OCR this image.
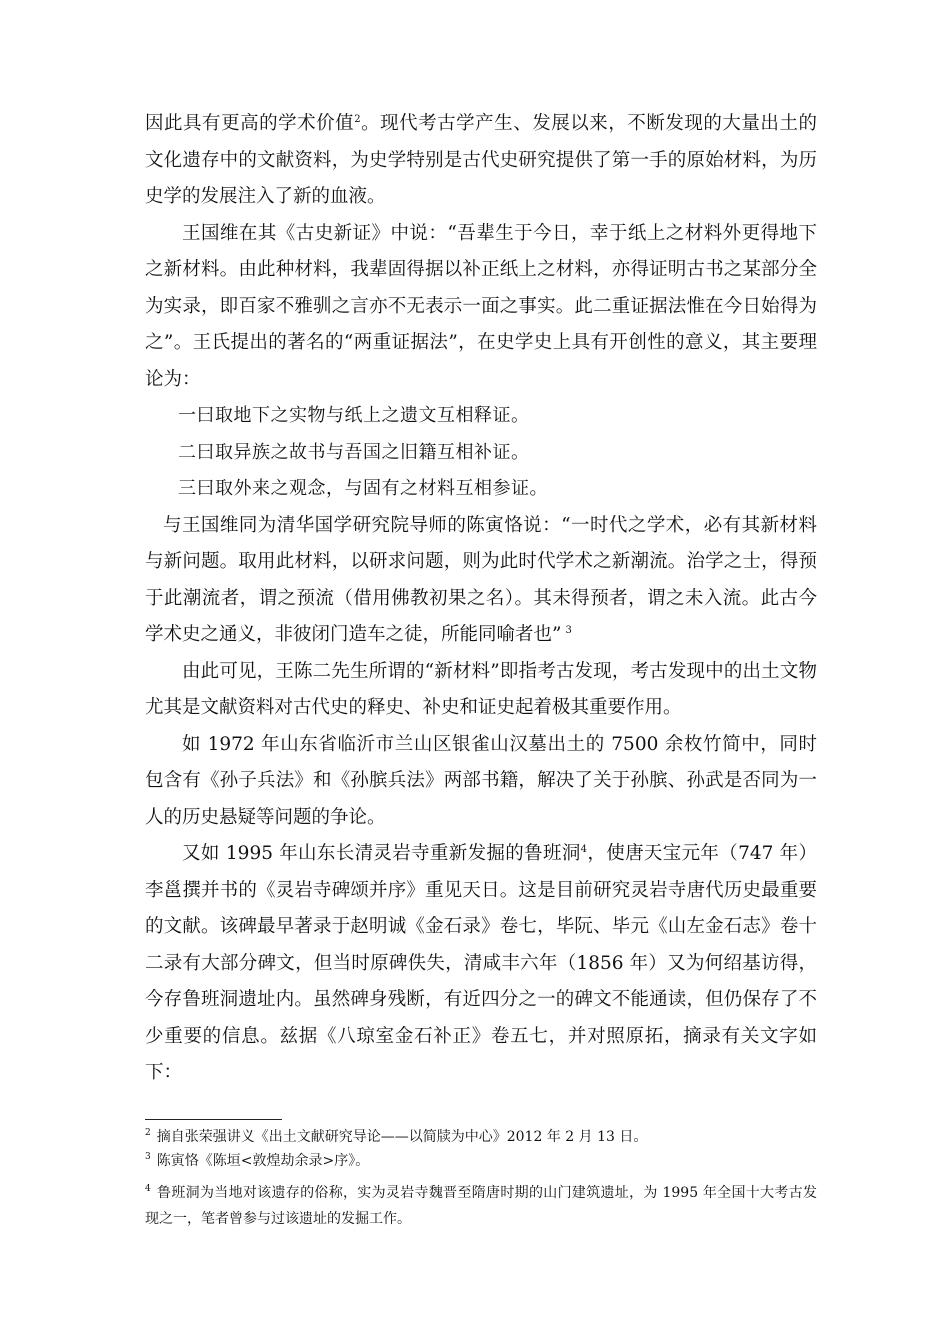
因此具有更高的学术价值$^2$。现代考古学产生、发展以来，不断发现的大量出土的文化遗存中的文献资料，为史学特别是古代史研究提供了第一手的原始材料，为历史学的发展注入了新的血液。

王国维在其《古史新证》中说：“吾辈生于今日，幸于纸上之材料外更得地下之新材料。由此种材料，我辈固得据以补正纸上之材料，亦得证明古书之某部分全为实录，即百家不雅驯之言亦不无表示一面之事实。此二重证据法惟在今日始得为之”。王氏提出的著名的“两重证据法”，在史学史上具有开创性的意义，其主要理论为：

一曰取地下之实物与纸上之遗文互相释证。

二曰取异族之故书与吾国之旧籍互相补证。

三曰取外来之观念，与固有之材料互相参证。

与王国维同为清华国学研究院导师的陈寅恪说：“一时代之学术，必有其新材料与新问题。取用此材料，以研求问题，则为此时代学术之新潮流。治学之士，得预于此潮流者，谓之预流（借用佛教初果之名）。其未得预者，谓之未入流。此古今学术史之通义，非彼闭门造车之徒，所能同喻者也” $^3$

由此可见，王陈二先生所谓的“新材料”即指考古发现，考古发现中的出土文物尤其是文献资料对古代史的释史、补史和证史起着极其重要作用。

如 1972 年山东省临沂市兰山区银雀山汉墓出土的 7500 余枚竹简中，同时包含有《孙子兵法》和《孙膑兵法》两部书籍，解决了关于孙膑、孙武是否同为一人的历史悬疑等问题的争论。

又如 1995 年山东长清灵岩寺重新发掘的鲁班洞$^4$，使唐天宝元年（747 年）李邕撰并书的《灵岩寺碑颂并序》重见天日。这是目前研究灵岩寺唐代历史最重要的文献。该碑最早著录于赵明诚《金石录》卷七，毕阮、毕元《山左金石志》卷十二录有大部分碑文，但当时原碑佚失，清咸丰六年（1856 年）又为何绍基访得，今存鲁班洞遗址内。虽然碑身残断，有近四分之一的碑文不能通读，但仍保存了不少重要的信息。兹据《八琼室金石补正》卷五七，并对照原拓，摘录有关文字如下：

$^2$ 摘自张荣强讲义《出土文献研究导论——以简牍为中心》2012 年 2 月 13 日。

$^3$ 陈寅恪《陈垣<敦煌劫余录>序》。

$^4$ 鲁班洞为当地对该遗存的俗称，实为灵岩寺魏晋至隋唐时期的山门建筑遗址，为 1995 年全国十大考古发现之一，笔者曾参与过该遗址的发掘工作。
